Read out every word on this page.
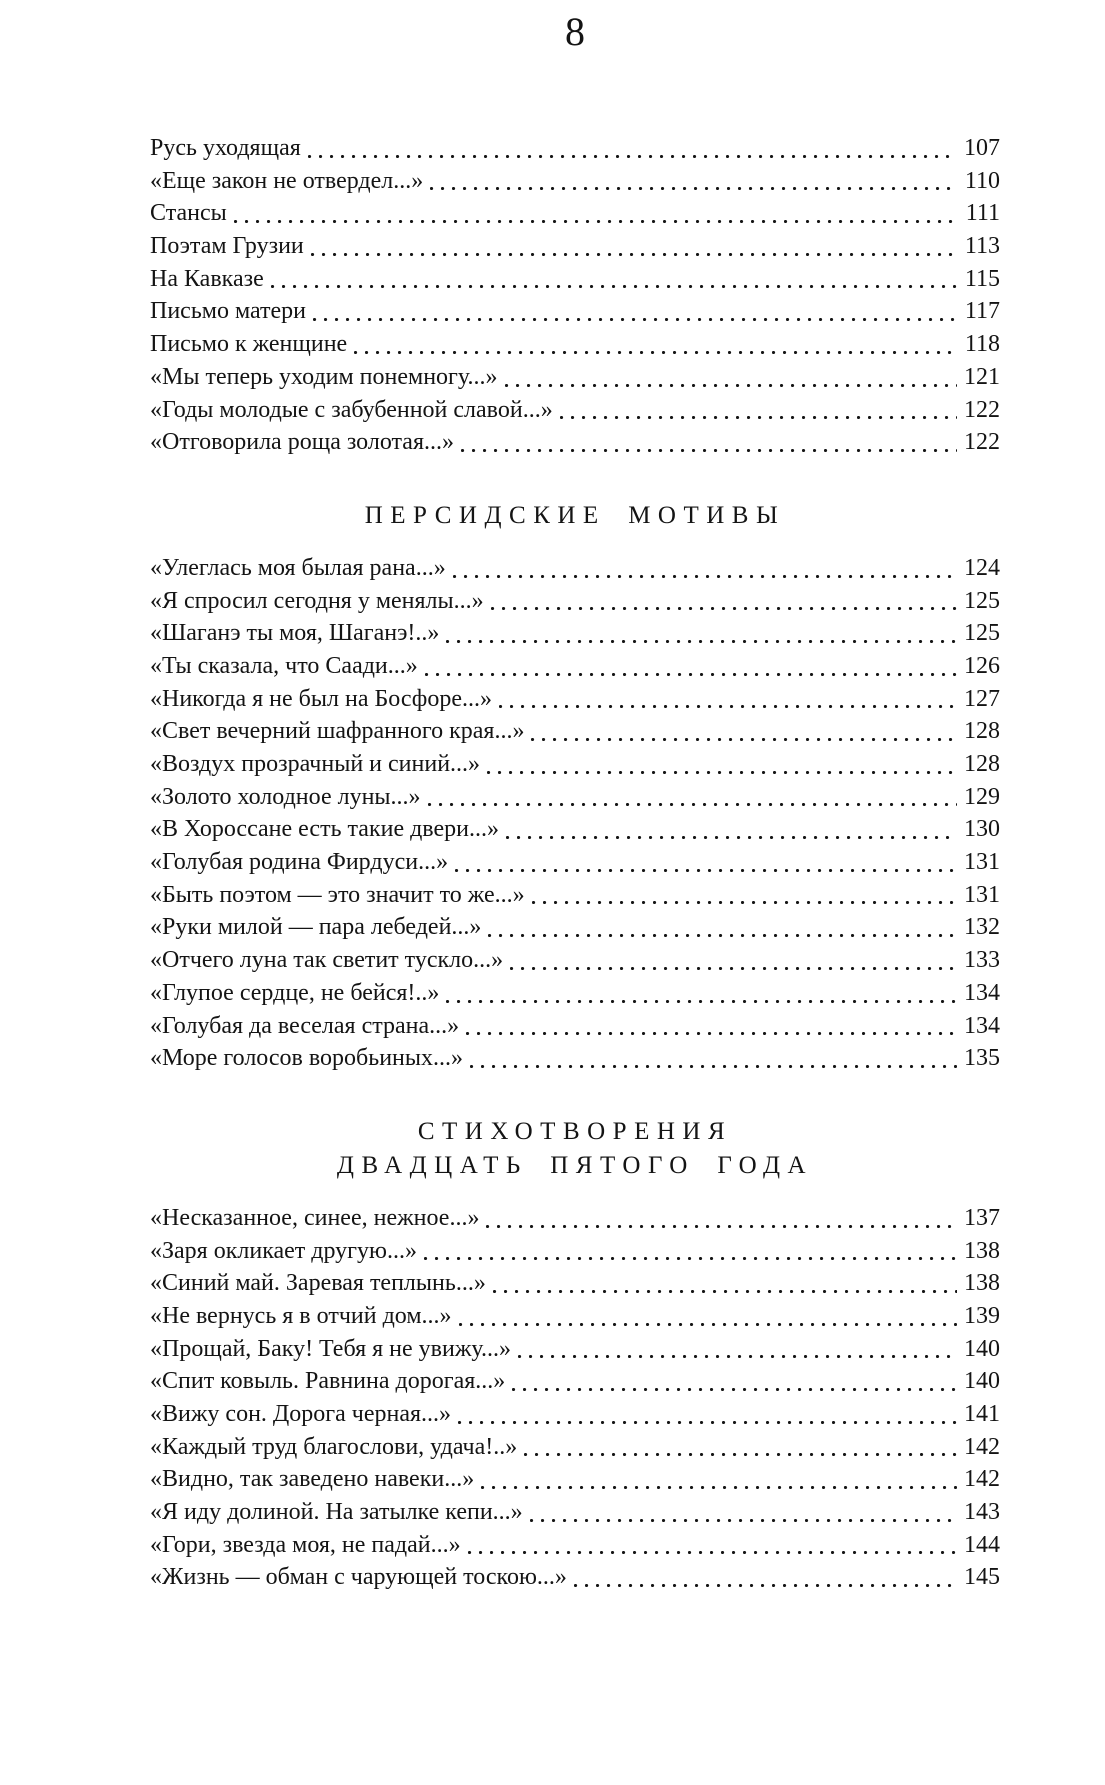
Русь уходящая	107
«Еще закон не отвердел...»	110
Стансы	111
Поэтам Грузии	113
На Кавказе	115
Письмо матери	117
Письмо к женщине	118
«Мы теперь уходим понемногу...»	121
«Годы молодые с забубенной славой...»	122
«Отговорила роща золотая...»	122
ПЕРСИДСКИЕ МОТИВЫ
«Улеглась моя былая рана...»	124
«Я спросил сегодня у менялы...»	125
«Шаганэ ты моя, Шаганэ!..»	125
«Ты сказала, что Саади...»	126
«Никогда я не был на Босфоре...»	127
«Свет вечерний шафранного края...»	128
«Воздух прозрачный и синий...»	128
«Золото холодное луны...»	129
«В Хороссане есть такие двери...»	130
«Голубая родина Фирдуси...»	131
«Быть поэтом — это значит то же...»	131
«Руки милой — пара лебедей...»	132
«Отчего луна так светит тускло...»	133
«Глупое сердце, не бейся!..»	134
«Голубая да веселая страна...»	134
«Море голосов воробьиных...»	135
СТИХОТВОРЕНИЯ
ДВАДЦАТЬ ПЯТОГО ГОДА
«Несказанное, синее, нежное...»	137
«Заря окликает другую...»	138
«Синий май. Заревая теплынь...»	138
«Не вернусь я в отчий дом...»	139
«Прощай, Баку! Тебя я не увижу...»	140
«Спит ковыль. Равнина дорогая...»	140
«Вижу сон. Дорога черная...»	141
«Каждый труд благослови, удача!..»	142
«Видно, так заведено навеки...»	142
«Я иду долиной. На затылке кепи...»	143
«Гори, звезда моя, не падай...»	144
«Жизнь — обман с чарующей тоскою...»	145
8
